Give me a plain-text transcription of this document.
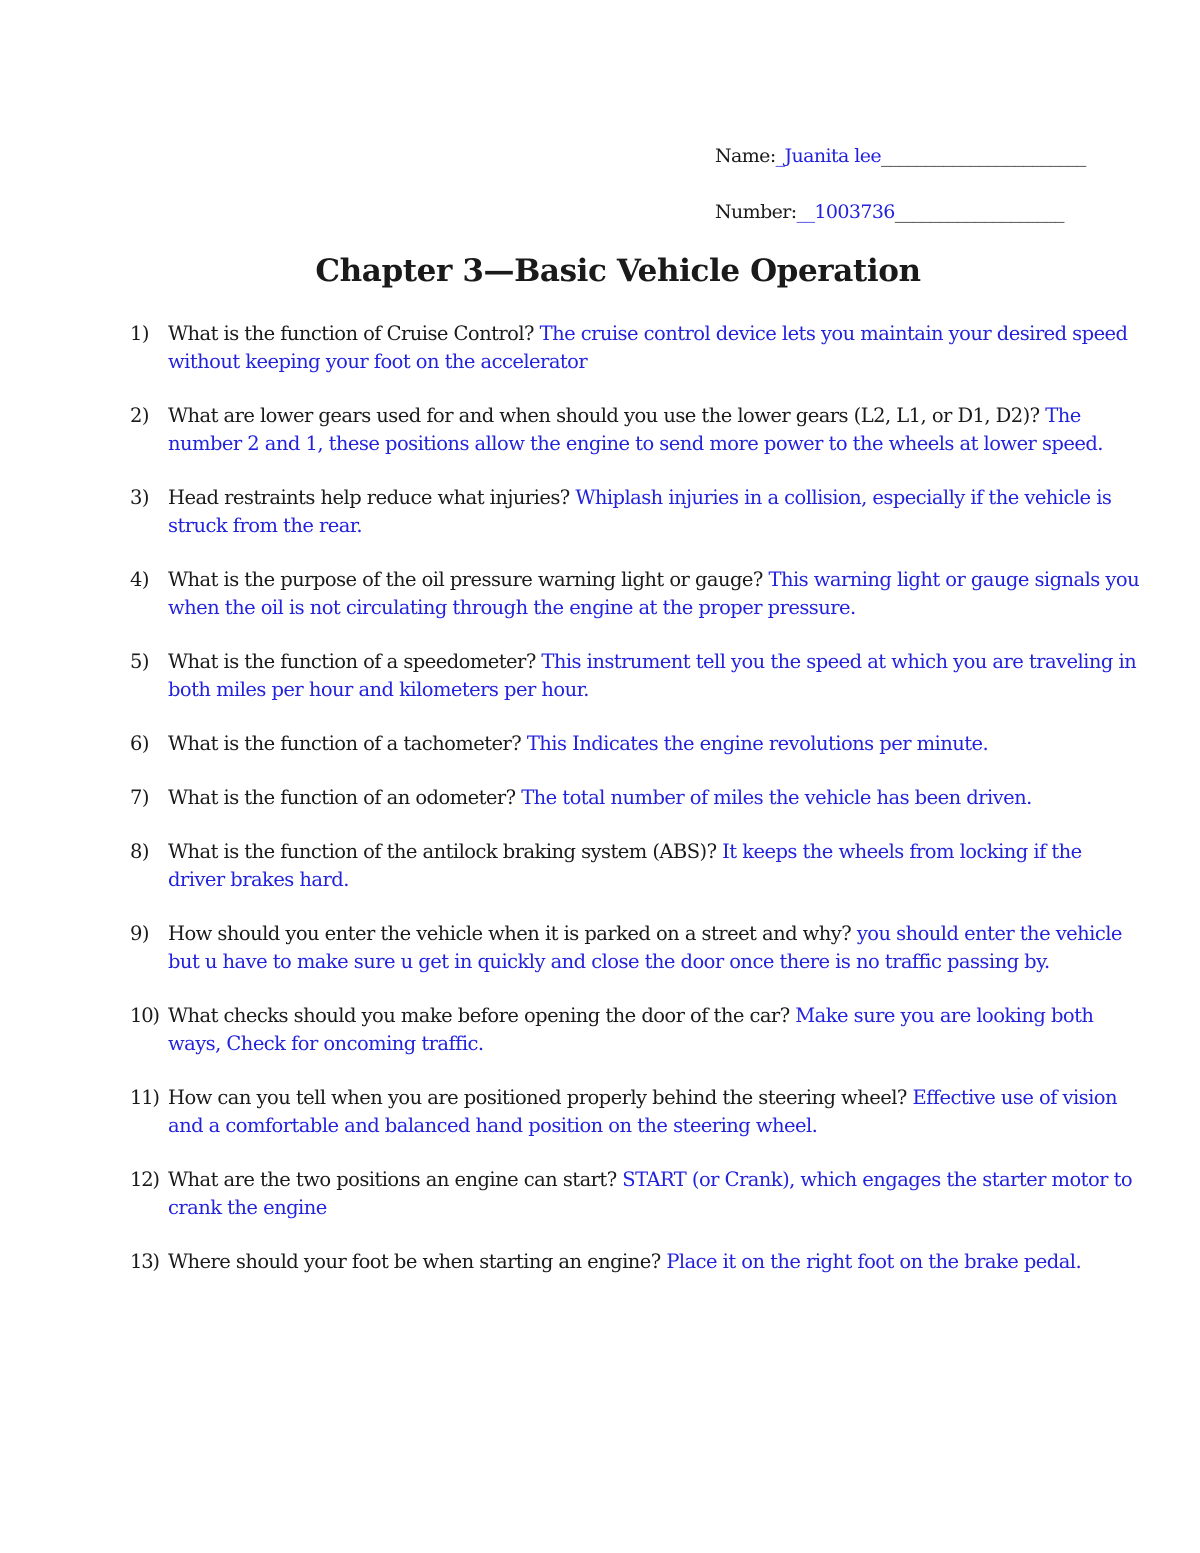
Name:_Juanita lee_______________________
Number:__1003736___________________
Chapter 3—Basic Vehicle Operation
1) What is the function of Cruise Control? The cruise control device lets you maintain your desired speed without keeping your foot on the accelerator
2) What are lower gears used for and when should you use the lower gears (L2, L1, or D1, D2)? The number 2 and 1, these positions allow the engine to send more power to the wheels at lower speed.
3) Head restraints help reduce what injuries? Whiplash injuries in a collision, especially if the vehicle is struck from the rear.
4) What is the purpose of the oil pressure warning light or gauge? This warning light or gauge signals you when the oil is not circulating through the engine at the proper pressure.
5) What is the function of a speedometer? This instrument tell you the speed at which you are traveling in both miles per hour and kilometers per hour.
6) What is the function of a tachometer? This Indicates the engine revolutions per minute.
7) What is the function of an odometer? The total number of miles the vehicle has been driven.
8) What is the function of the antilock braking system (ABS)? It keeps the wheels from locking if the driver brakes hard.
9) How should you enter the vehicle when it is parked on a street and why? you should enter the vehicle but u have to make sure u get in quickly and close the door once there is no traffic passing by.
10) What checks should you make before opening the door of the car? Make sure you are looking both ways, Check for oncoming traffic.
11) How can you tell when you are positioned properly behind the steering wheel? Effective use of vision and a comfortable and balanced hand position on the steering wheel.
12) What are the two positions an engine can start? START (or Crank), which engages the starter motor to crank the engine
13) Where should your foot be when starting an engine? Place it on the right foot on the brake pedal.
